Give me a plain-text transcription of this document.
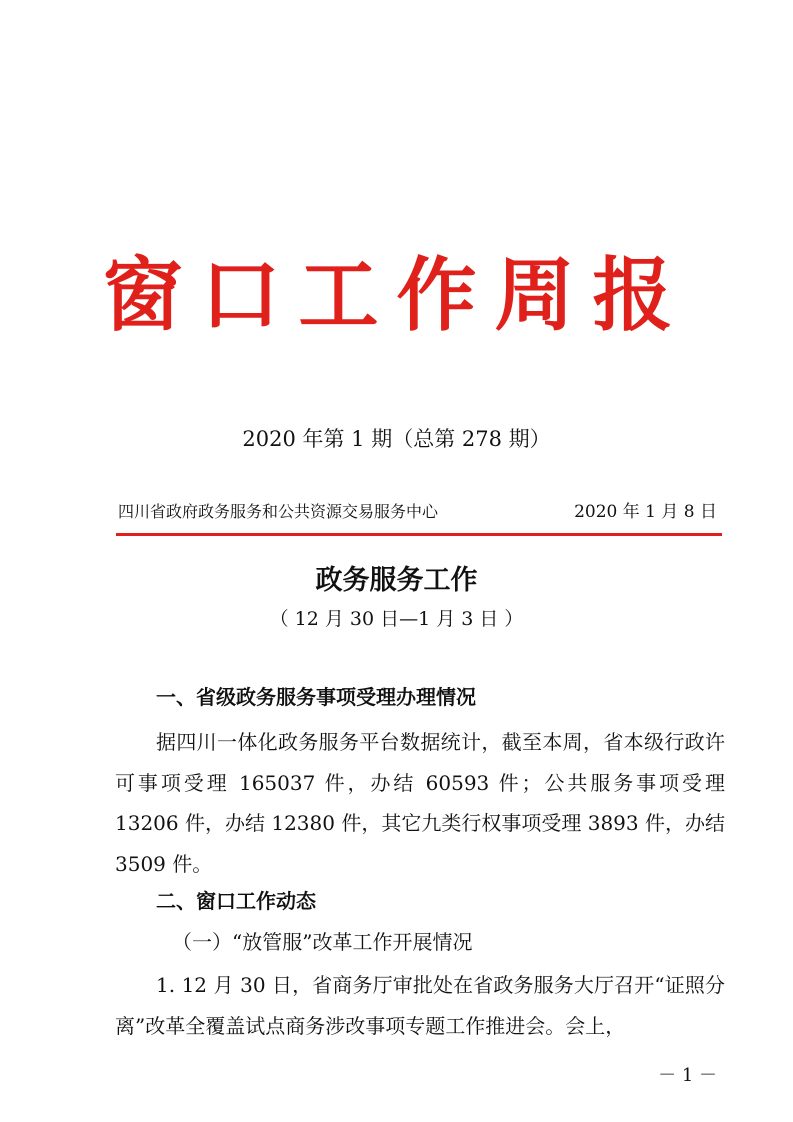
窗口工作周报
2020 年第 1 期（总第 278 期）
四川省政府政务服务和公共资源交易服务中心	2020 年 1 月 8 日
政务服务工作
（ 12 月 30 日—1 月 3 日 ）
一、省级政务服务事项受理办理情况
据四川一体化政务服务平台数据统计，截至本周，省本级行政许可事项受理 165037 件，办结 60593 件；公共服务事项受理 13206 件，办结 12380 件，其它九类行权事项受理 3893 件，办结 3509 件。
二、窗口工作动态
（一）“放管服”改革工作开展情况
1. 12 月 30 日，省商务厅审批处在省政务服务大厅召开“证照分离”改革全覆盖试点商务涉改事项专题工作推进会。会上，
－ 1 －
